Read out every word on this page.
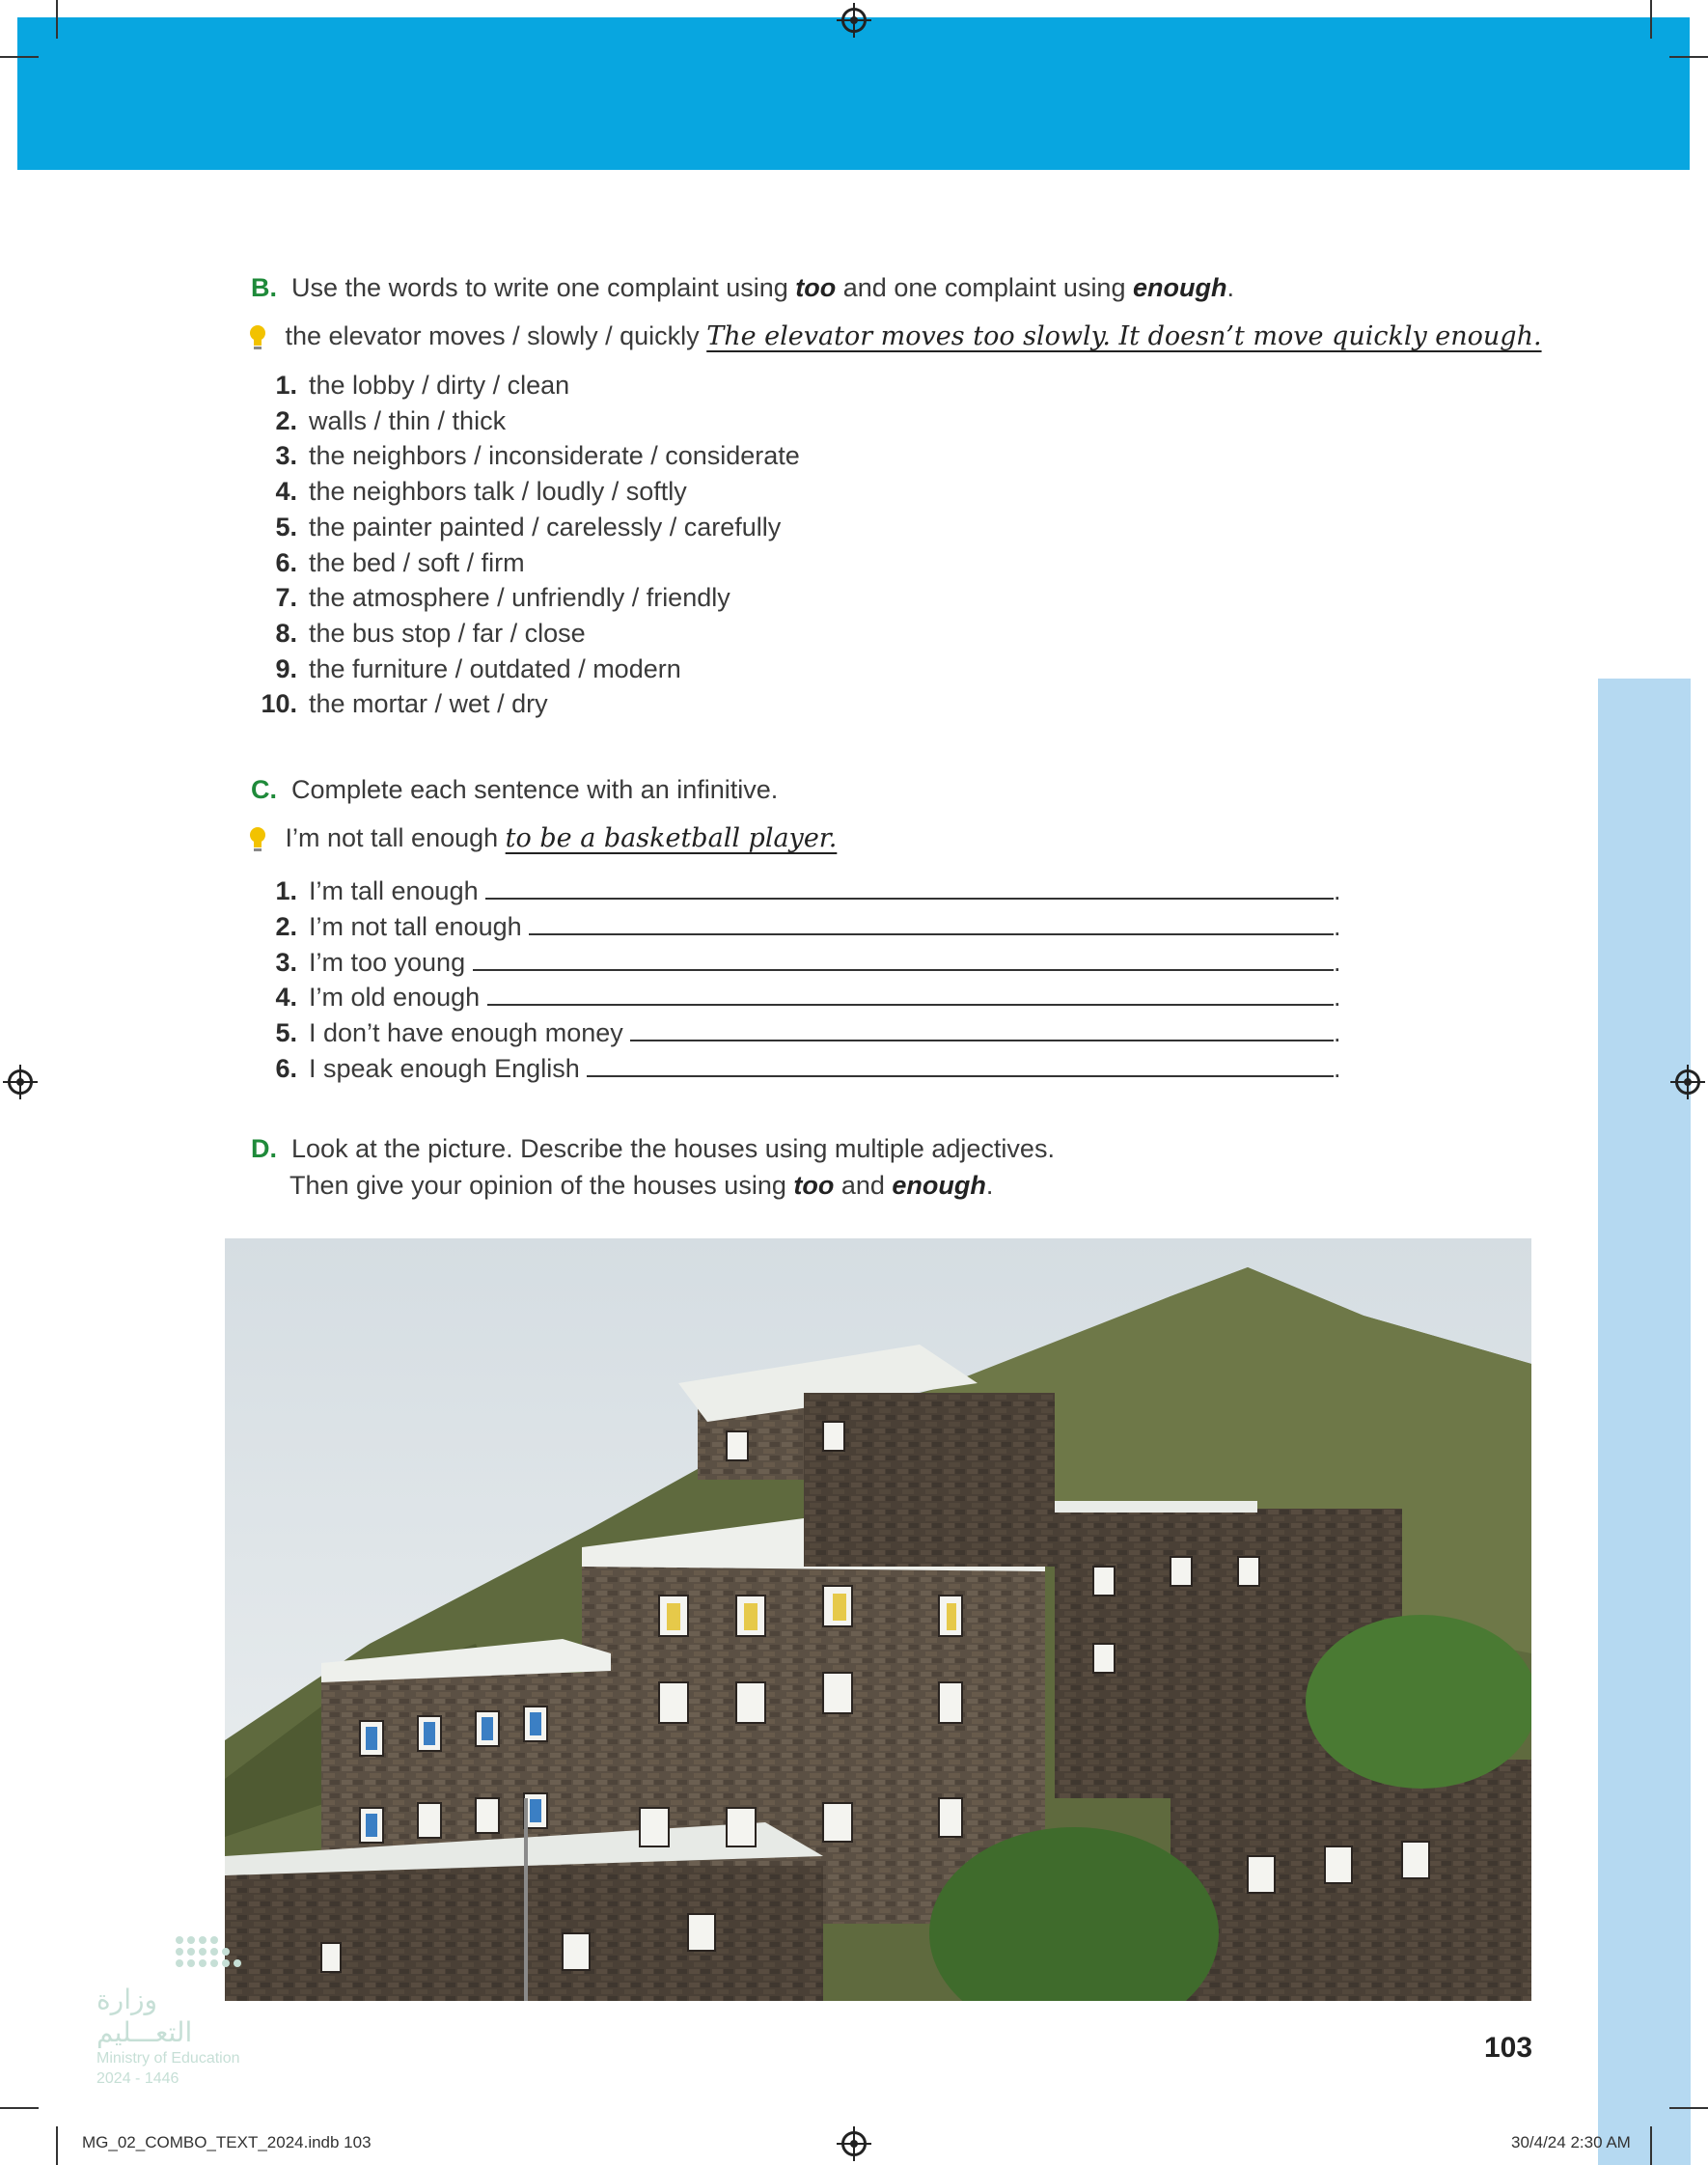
B. Use the words to write one complaint using too and one complaint using enough.
the elevator moves / slowly / quickly The elevator moves too slowly. It doesn’t move quickly enough.
1. the lobby / dirty / clean
2. walls / thin / thick
3. the neighbors / inconsiderate / considerate
4. the neighbors talk / loudly / softly
5. the painter painted / carelessly / carefully
6. the bed / soft / firm
7. the atmosphere / unfriendly / friendly
8. the bus stop / far / close
9. the furniture / outdated / modern
10. the mortar / wet / dry
C. Complete each sentence with an infinitive.
I’m not tall enough to be a basketball player.
1. I’m tall enough	.
2. I’m not tall enough	.
3. I’m too young	.
4. I’m old enough	.
5. I don’t have enough money	.
6. I speak enough English	.
D. Look at the picture. Describe the houses using multiple adjectives.
Then give your opinion of the houses using too and enough.
وزارة التعـــليم
Ministry of Education
2024 - 1446
103
MG_02_COMBO_TEXT_2024.indb 103	30/4/24 2:30 AM
